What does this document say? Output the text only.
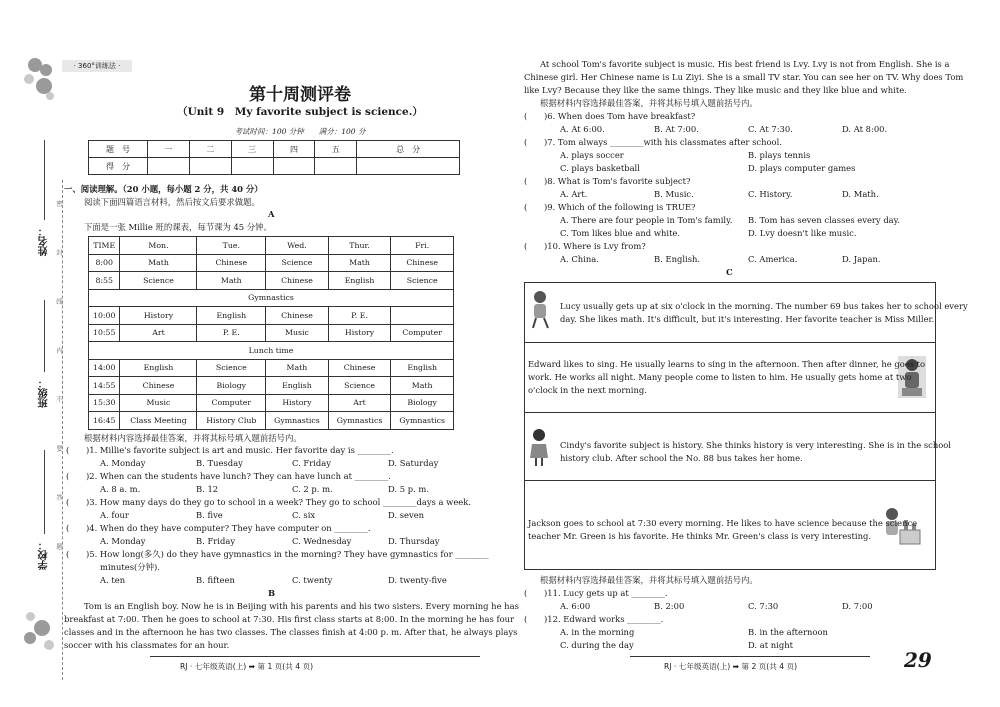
姓名：
班级：
学校： 密　封　线　内　不　要　答　题
· 360°训练法 ·
第十周测评卷
（Unit 9　My favorite subject is science.）
考试时间：100 分钟　　满分：100 分
题　号	一	二	三	四	五	总　分
得　分						
一、阅读理解。（20 小题，每小题 2 分，共 40 分）
阅读下面四篇语言材料，然后按文后要求做题。
A
下面是一张 Millie 班的课表，每节课为 45 分钟。
TIME	Mon.	Tue.	Wed.	Thur.	Fri.
8:00	Math	Chinese	Science	Math	Chinese
8:55	Science	Math	Chinese	English	Science
Gymnastics					
10:00	History	English	Chinese	P. E.	
10:55	Art	P. E.	Music	History	Computer
Lunch time					
14:00	English	Science	Math	Chinese	English
14:55	Chinese	Biology	English	Science	Math
15:30	Music	Computer	History	Art	Biology
16:45	Class Meeting	History Club	Gymnastics	Gymnastics	Gymnastics
根据材料内容选择最佳答案，并将其标号填入题前括号内。
(　　)1. Millie's favorite subject is art and music. Her favorite day is ________.
A. Monday	B. Tuesday	C. Friday	D. Saturday
(　　)2. When can the students have lunch? They can have lunch at ________.
A. 8 a. m.	B. 12	C. 2 p. m.	D. 5 p. m.
(　　)3. How many days do they go to school in a week? They go to school ________days a week.
A. four	B. five	C. six	D. seven
(　　)4. When do they have computer? They have computer on ________.
A. Monday	B. Friday	C. Wednesday	D. Thursday
(　　)5. How long(多久) do they have gymnastics in the morning? They have gymnastics for ________
minutes(分钟).
A. ten	B. fifteen	C. twenty	D. twenty-five
B
Tom is an English boy. Now he is in Beijing with his parents and his two sisters. Every morning he has
breakfast at 7:00. Then he goes to school at 7:30. His first class starts at 8:00. In the morning he has four
classes and in the afternoon he has two classes. The classes finish at 4:00 p. m. After that, he always plays
soccer with his classmates for an hour.
RJ · 七年级英语(上) ➡ 第 1 页(共 4 页)
At school Tom's favorite subject is music. His best friend is Lvy. Lvy is not from English. She is a
Chinese girl. Her Chinese name is Lu Ziyi. She is a small TV star. You can see her on TV. Why does Tom
like Lvy? Because they like the same things. They like music and they like blue and white.
根据材料内容选择最佳答案，并将其标号填入题前括号内。
(　　)6. When does Tom have breakfast?
A. At 6:00.	B. At 7:00.	C. At 7:30.	D. At 8:00.
(　　)7. Tom always ________with his classmates after school.
A. plays soccer	B. plays tennis
C. plays basketball	D. plays computer games
(　　)8. What is Tom's favorite subject?
A. Art.	B. Music.	C. History.	D. Math.
(　　)9. Which of the following is TRUE?
A. There are four people in Tom's family. B. Tom has seven classes every day.
C. Tom likes blue and white.	D. Lvy doesn't like music.
(　　)10. Where is Lvy from?
A. China.	B. English.	C. America.	D. Japan.
C
Lucy usually gets up at six o'clock in the morning. The number 69 bus takes her to school every
day. She likes math. It's difficult, but it's interesting. Her favorite teacher is Miss Miller.
Edward likes to sing. He usually learns to sing in the afternoon. Then after dinner, he goes to
work. He works all night. Many people come to listen to him. He usually gets home at two
o'clock in the next morning.
Cindy's favorite subject is history. She thinks history is very interesting. She is in the school
history club. After school the No. 88 bus takes her home.
Jackson goes to school at 7:30 every morning. He likes to have science because the science
teacher Mr. Green is his favorite. He thinks Mr. Green's class is very interesting.
根据材料内容选择最佳答案，并将其标号填入题前括号内。
(　　)11. Lucy gets up at ________.
A. 6:00	B. 2:00	C. 7:30	D. 7:00
(　　)12. Edward works ________.
A. in the morning	B. in the afternoon
C. during the day	D. at night
RJ · 七年级英语(上) ➡ 第 2 页(共 4 页)	29
